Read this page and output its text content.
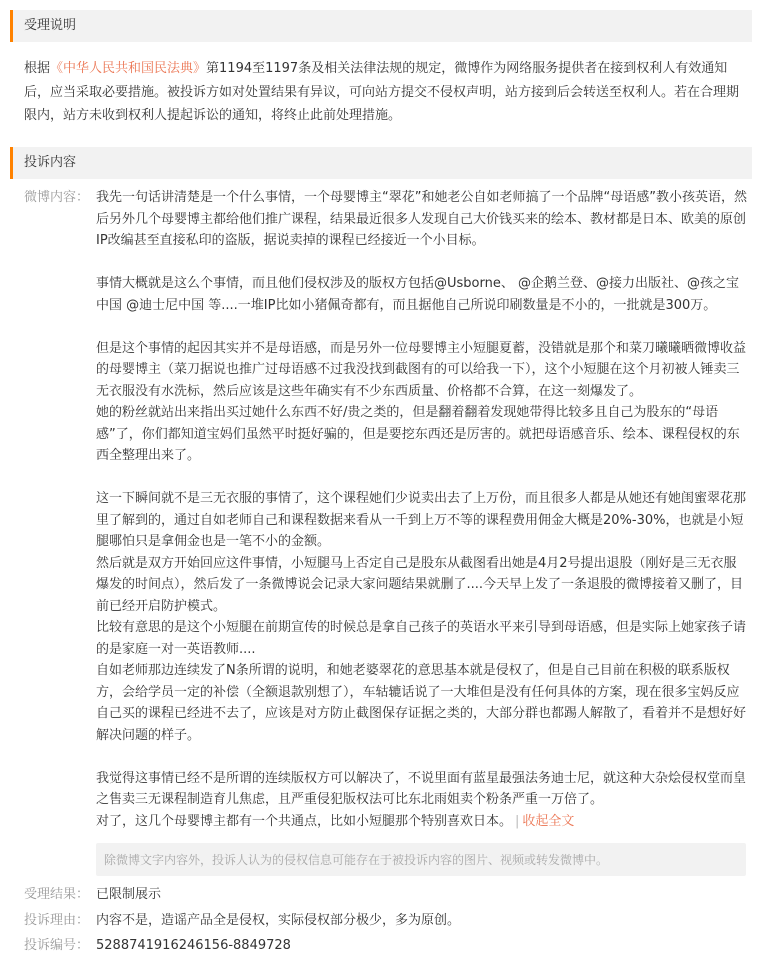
受理说明
根据《中华人民共和国民法典》第1194至1197条及相关法律法规的规定，微博作为网络服务提供者在接到权利人有效通知后，应当采取必要措施。被投诉方如对处置结果有异议，可向站方提交不侵权声明，站方接到后会转送至权利人。若在合理期限内，站方未收到权利人提起诉讼的通知，将终止此前处理措施。
投诉内容
微博内容： 我先一句话讲清楚是一个什么事情，一个母婴博主“翠花”和她老公自如老师搞了一个品牌“母语感”教小孩英语，然后另外几个母婴博主都给他们推广课程，结果最近很多人发现自己大价钱买来的绘本、教材都是日本、欧美的原创IP改编甚至直接私印的盗版，据说卖掉的课程已经接近一个小目标。

事情大概就是这么个事情，而且他们侵权涉及的版权方包括@Usborne、 @企鹅兰登、@接力出版社、@孩之宝中国 @迪士尼中国 等....一堆IP比如小猪佩奇都有，而且据他自己所说印刷数量是不小的，一批就是300万。

但是这个事情的起因其实并不是母语感，而是另外一位母婴博主小短腿夏蓄，没错就是那个和菜刀曦曦晒微博收益的母婴博主（菜刀据说也推广过母语感不过我没找到截图有的可以给我一下），这个小短腿在这个月初被人锤卖三无衣服没有水洗标，然后应该是这些年确实有不少东西质量、价格都不合算，在这一刻爆发了。

她的粉丝就站出来指出买过她什么东西不好/贵之类的，但是翻着翻着发现她带得比较多且自己为股东的“母语感”了，你们都知道宝妈们虽然平时挺好骗的，但是要挖东西还是厉害的。就把母语感音乐、绘本、课程侵权的东西全整理出来了。

这一下瞬间就不是三无衣服的事情了，这个课程她们少说卖出去了上万份，而且很多人都是从她还有她闺蜜翠花那里了解到的，通过自如老师自己和课程数据来看从一千到上万不等的课程费用佣金大概是20%-30%，也就是小短腿哪怕只是拿佣金也是一笔不小的金额。

然后就是双方开始回应这件事情，小短腿马上否定自己是股东从截图看出她是4月2号提出退股（刚好是三无衣服爆发的时间点），然后发了一条微博说会记录大家问题结果就删了....今天早上发了一条退股的微博接着又删了，目前已经开启防护模式。

比较有意思的是这个小短腿在前期宣传的时候总是拿自己孩子的英语水平来引导到母语感，但是实际上她家孩子请的是家庭一对一英语教师....

自如老师那边连续发了N条所谓的说明，和她老婆翠花的意思基本就是侵权了，但是自己目前在积极的联系版权方，会给学员一定的补偿（全额退款别想了），车轱辘话说了一大堆但是没有任何具体的方案，现在很多宝妈反应自己买的课程已经进不去了，应该是对方防止截图保存证据之类的，大部分群也都踢人解散了，看着并不是想好好解决问题的样子。

我觉得这事情已经不是所谓的连续版权方可以解决了，不说里面有蓝星最强法务迪士尼，就这种大杂烩侵权堂而皇之售卖三无课程制造育儿焦虑，且严重侵犯版权法可比东北雨姐卖个粉条严重一万倍了。

对了，这几个母婴博主都有一个共通点，比如小短腿那个特别喜欢日本。 | 收起全文

除微博文字内容外，投诉人认为的侵权信息可能存在于被投诉内容的图片、视频或转发微博中。
受理结果： 已限制展示
投诉理由： 内容不是，造谣产品全是侵权，实际侵权部分极少，多为原创。
投诉编号： 5288741916246156-8849728
